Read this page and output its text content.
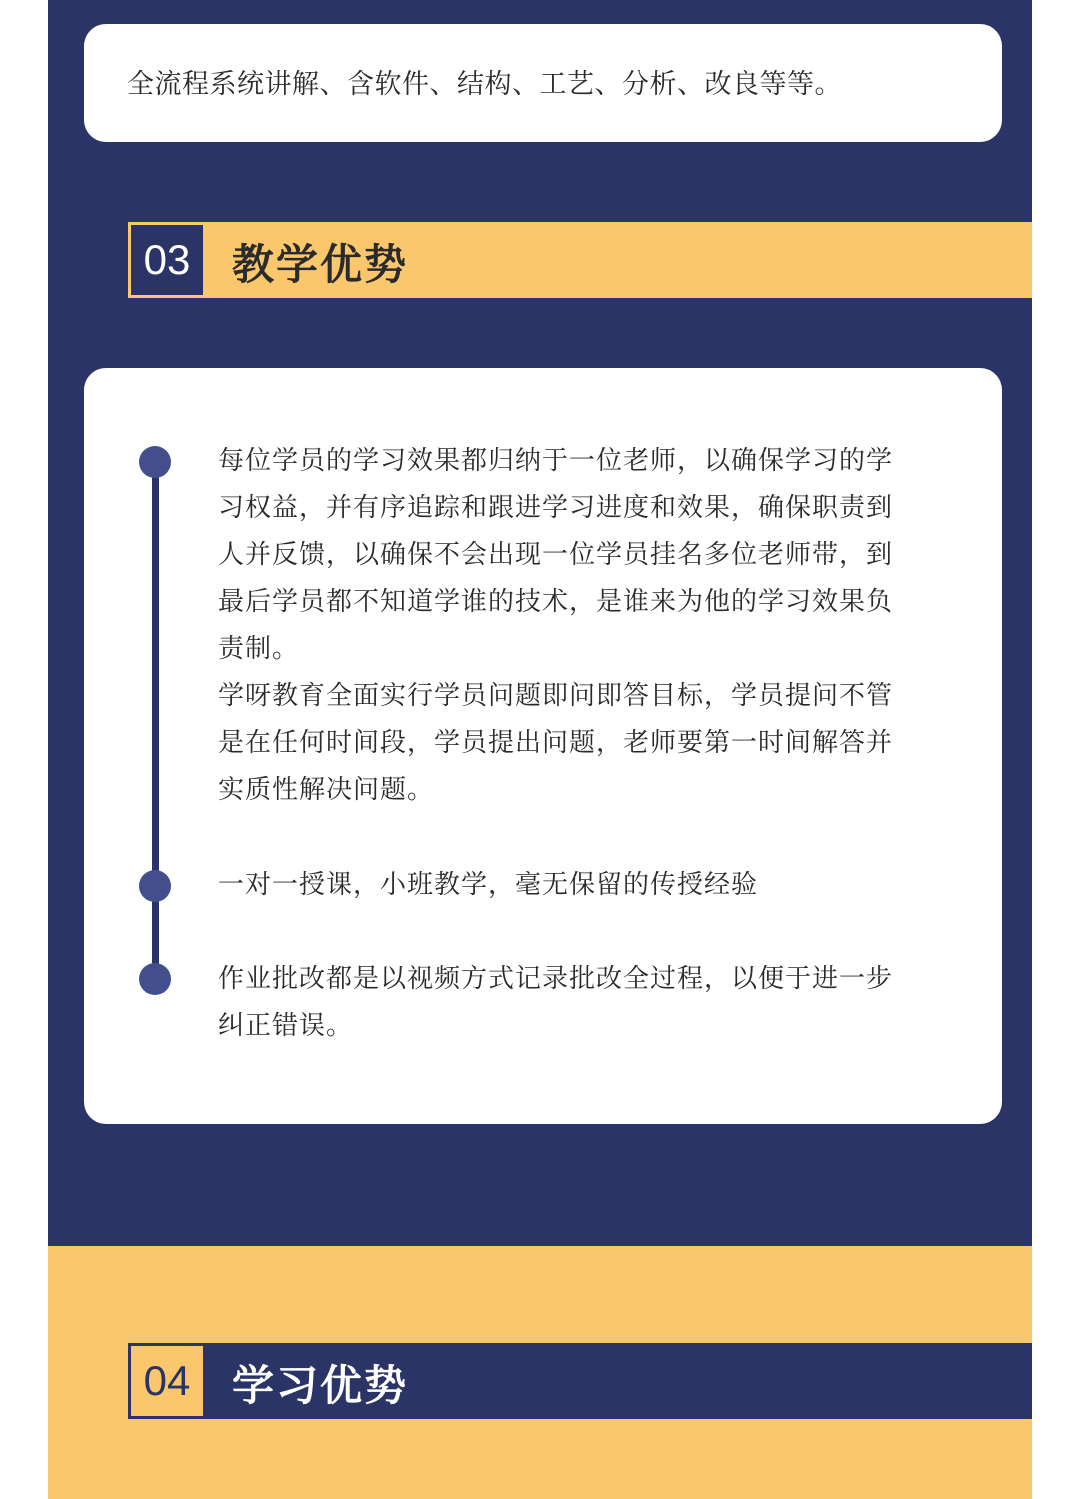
全流程系统讲解、含软件、结构、工艺、分析、改良等等。
03 教学优势

每位学员的学习效果都归纳于一位老师，以确保学习的学习权益，并有序追踪和跟进学习进度和效果，确保职责到人并反馈，以确保不会出现一位学员挂名多位老师带，到最后学员都不知道学谁的技术，是谁来为他的学习效果负责制。

学呀教育全面实行学员问题即问即答目标，学员提问不管是在任何时间段，学员提出问题，老师要第一时间解答并实质性解决问题。

一对一授课，小班教学，毫无保留的传授经验

作业批改都是以视频方式记录批改全过程，以便于进一步纠正错误。

04 学习优势
